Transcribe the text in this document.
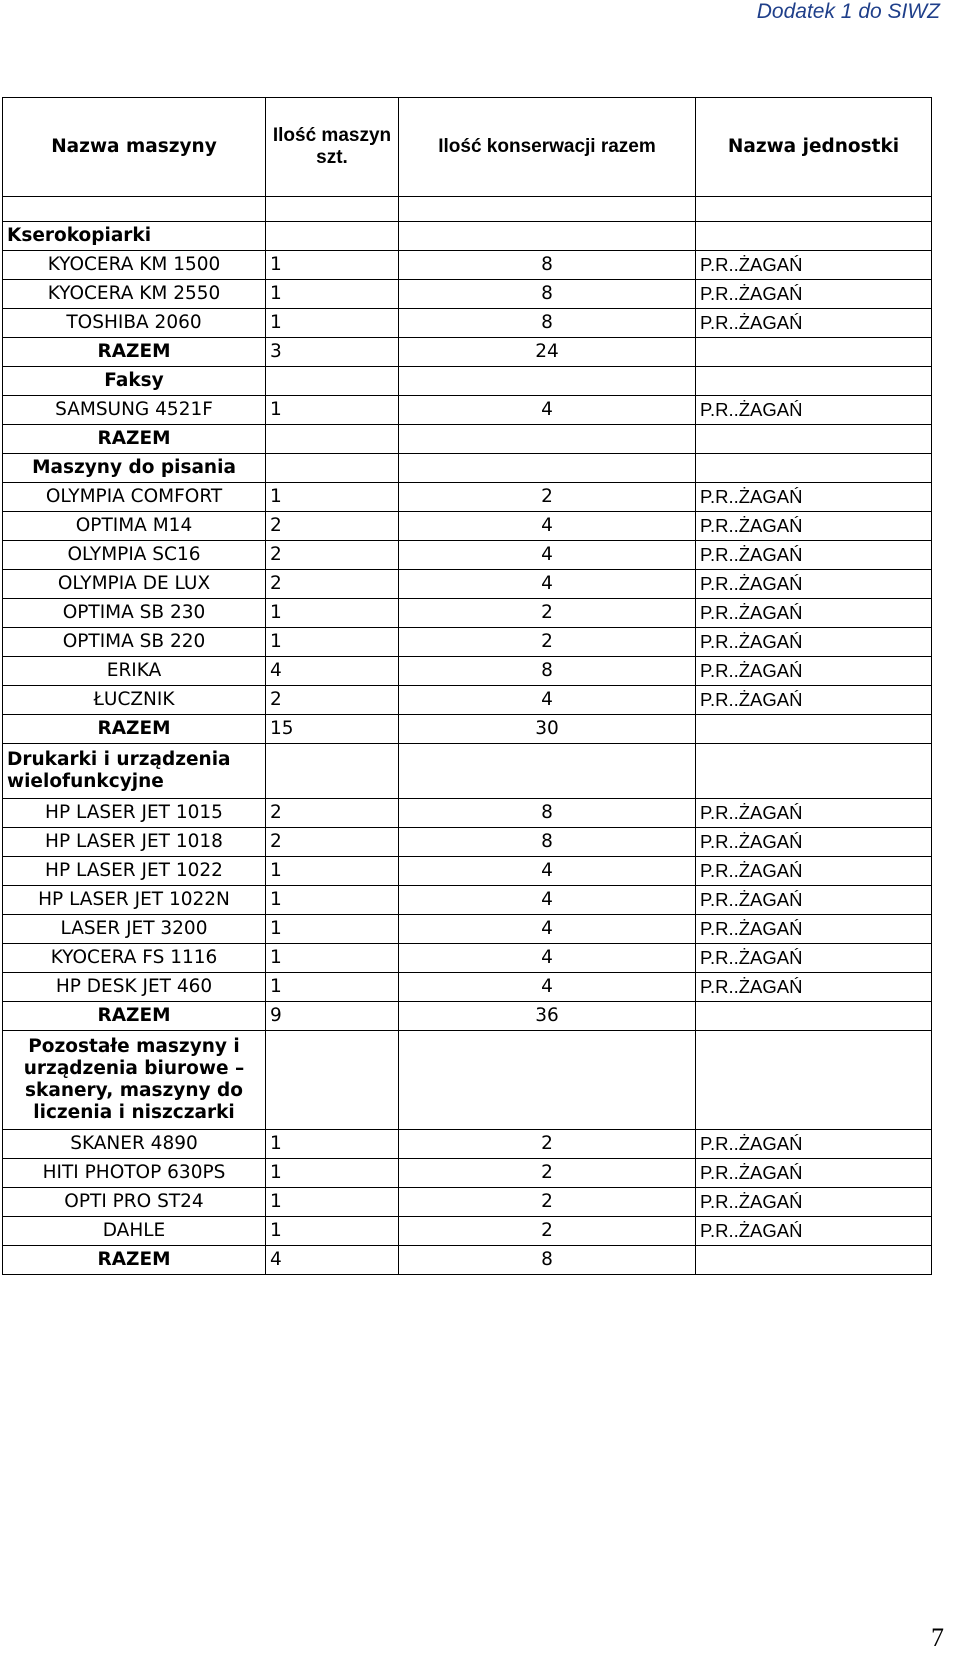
Dodatek 1 do SIWZ
Nazwa maszyny	Ilość maszyn szt.	Ilość konserwacji razem	Nazwa jednostki

Kserokopiarki			
KYOCERA KM 1500	1	8	P.R..ŻAGAŃ
KYOCERA KM 2550	1	8	P.R..ŻAGAŃ
TOSHIBA 2060	1	8	P.R..ŻAGAŃ
RAZEM	3	24	
Faksy			
SAMSUNG 4521F	1	4	P.R..ŻAGAŃ
RAZEM			
Maszyny do pisania			
OLYMPIA COMFORT	1	2	P.R..ŻAGAŃ
OPTIMA M14	2	4	P.R..ŻAGAŃ
OLYMPIA SC16	2	4	P.R..ŻAGAŃ
OLYMPIA DE LUX	2	4	P.R..ŻAGAŃ
OPTIMA SB 230	1	2	P.R..ŻAGAŃ
OPTIMA SB 220	1	2	P.R..ŻAGAŃ
ERIKA	4	8	P.R..ŻAGAŃ
ŁUCZNIK	2	4	P.R..ŻAGAŃ
RAZEM	15	30	
Drukarki i urządzenia wielofunkcyjne			
HP LASER JET 1015	2	8	P.R..ŻAGAŃ
HP LASER JET 1018	2	8	P.R..ŻAGAŃ
HP LASER JET 1022	1	4	P.R..ŻAGAŃ
HP LASER JET 1022N	1	4	P.R..ŻAGAŃ
LASER JET 3200	1	4	P.R..ŻAGAŃ
KYOCERA FS 1116	1	4	P.R..ŻAGAŃ
HP DESK JET 460	1	4	P.R..ŻAGAŃ
RAZEM	9	36	
Pozostałe maszyny i urządzenia biurowe – skanery, maszyny do liczenia i niszczarki			
SKANER 4890	1	2	P.R..ŻAGAŃ
HITI PHOTOP 630PS	1	2	P.R..ŻAGAŃ
OPTI PRO ST24	1	2	P.R..ŻAGAŃ
DAHLE	1	2	P.R..ŻAGAŃ
RAZEM	4	8	
7
